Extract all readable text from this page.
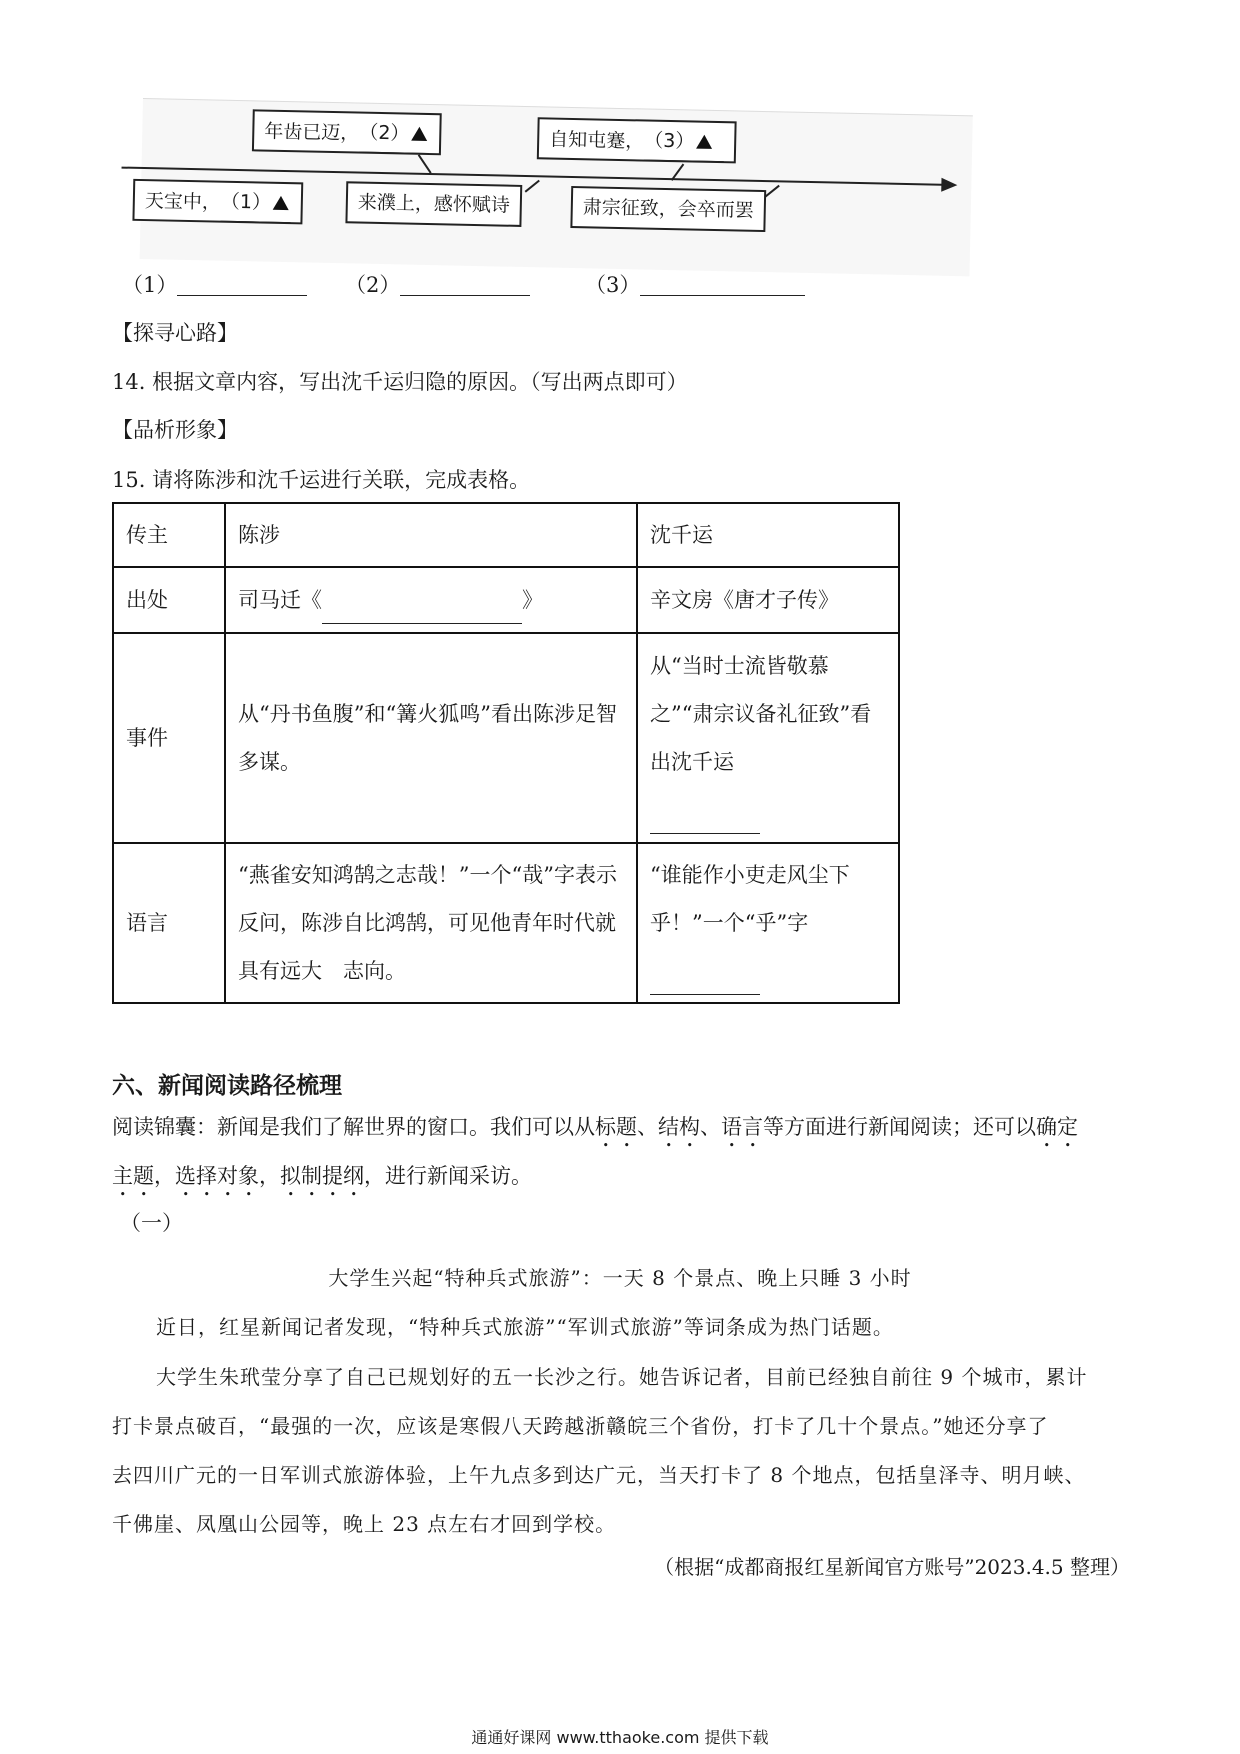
年齿已迈，（2）	自知屯蹇，（3）
天宝中，（1）	来濮上，感怀赋诗	肃宗征致，会卒而罢
（1）	（2）	（3）
【探寻心路】
14. 根据文章内容，写出沈千运归隐的原因。（写出两点即可）
【品析形象】
15. 请将陈涉和沈千运进行关联，完成表格。
传主	陈涉	沈千运
出处	司马迁《 》	辛文房《唐才子传》
事件	从“丹书鱼腹”和“篝火狐鸣”看出陈涉足智多谋。	从“当时士流皆敬慕之”“肃宗议备礼征致”看出沈千运

语言	“燕雀安知鸿鹄之志哉！”一个“哉”字表示反问，陈涉自比鸿鹄，可见他青年时代就具有远大　志向。	“谁能作小吏走风尘下乎！”一个“乎”字

六、新闻阅读路径梳理
阅读锦囊：新闻是我们了解世界的窗口。我们可以从标题、结构、语言等方面进行新闻阅读；还可以确定
主题，选择对象，拟制提纲，进行新闻采访。
（一）
大学生兴起“特种兵式旅游”：一天 8 个景点、晚上只睡 3 小时
近日，红星新闻记者发现，“特种兵式旅游”“军训式旅游”等词条成为热门话题。
大学生朱玳莹分享了自己已规划好的五一长沙之行。她告诉记者，目前已经独自前往 9 个城市，累计
打卡景点破百，“最强的一次，应该是寒假八天跨越浙赣皖三个省份，打卡了几十个景点。”她还分享了
去四川广元的一日军训式旅游体验，上午九点多到达广元，当天打卡了 8 个地点，包括皇泽寺、明月峡、
千佛崖、凤凰山公园等，晚上 23 点左右才回到学校。
（根据“成都商报红星新闻官方账号”2023.4.5 整理）
通通好课网 www.tthaoke.com 提供下载
